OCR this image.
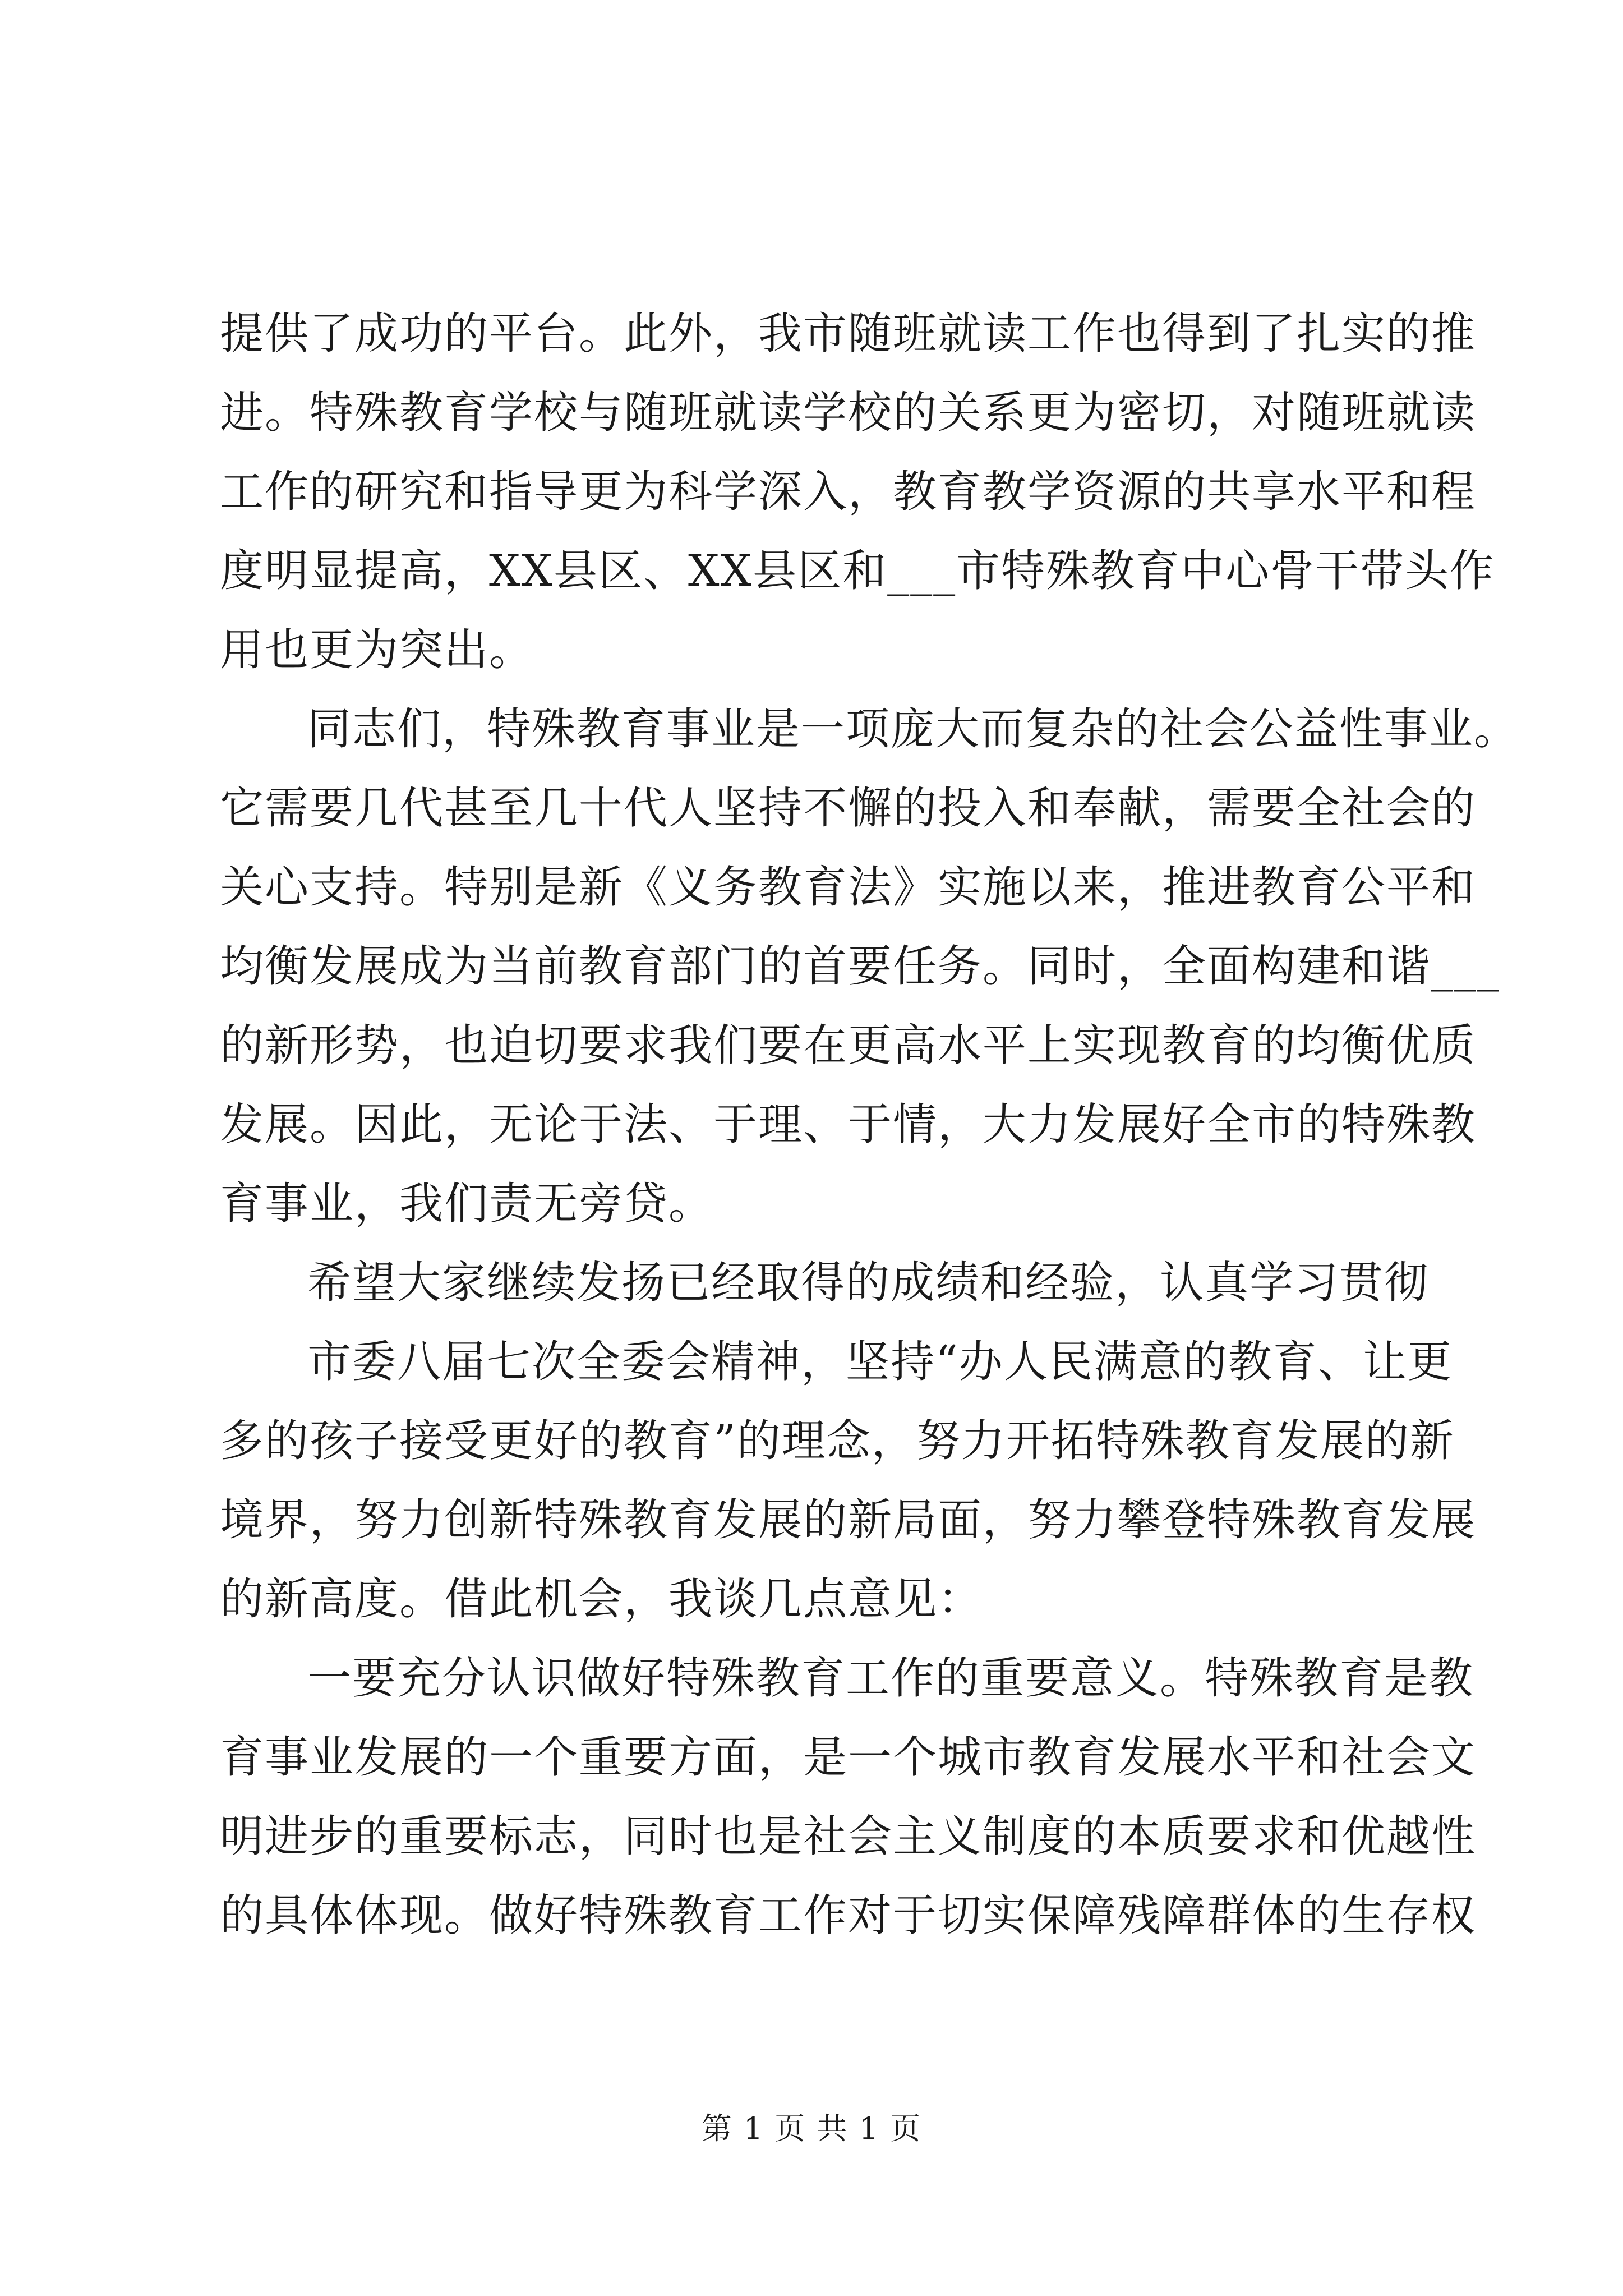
提供了成功的平台。此外，我市随班就读工作也得到了扎实的推
进。特殊教育学校与随班就读学校的关系更为密切，对随班就读
工作的研究和指导更为科学深入，教育教学资源的共享水平和程
度明显提高，XX县区、XX县区和___市特殊教育中心骨干带头作
用也更为突出。
同志们，特殊教育事业是一项庞大而复杂的社会公益性事业。
它需要几代甚至几十代人坚持不懈的投入和奉献，需要全社会的
关心支持。特别是新《义务教育法》实施以来，推进教育公平和
均衡发展成为当前教育部门的首要任务。同时，全面构建和谐___
的新形势，也迫切要求我们要在更高水平上实现教育的均衡优质
发展。因此，无论于法、于理、于情，大力发展好全市的特殊教
育事业，我们责无旁贷。
希望大家继续发扬已经取得的成绩和经验，认真学习贯彻
市委八届七次全委会精神，坚持“办人民满意的教育、让更
多的孩子接受更好的教育”的理念，努力开拓特殊教育发展的新
境界，努力创新特殊教育发展的新局面，努力攀登特殊教育发展
的新高度。借此机会，我谈几点意见：
一要充分认识做好特殊教育工作的重要意义。特殊教育是教
育事业发展的一个重要方面，是一个城市教育发展水平和社会文
明进步的重要标志，同时也是社会主义制度的本质要求和优越性
的具体体现。做好特殊教育工作对于切实保障残障群体的生存权
第 1 页 共 1 页
